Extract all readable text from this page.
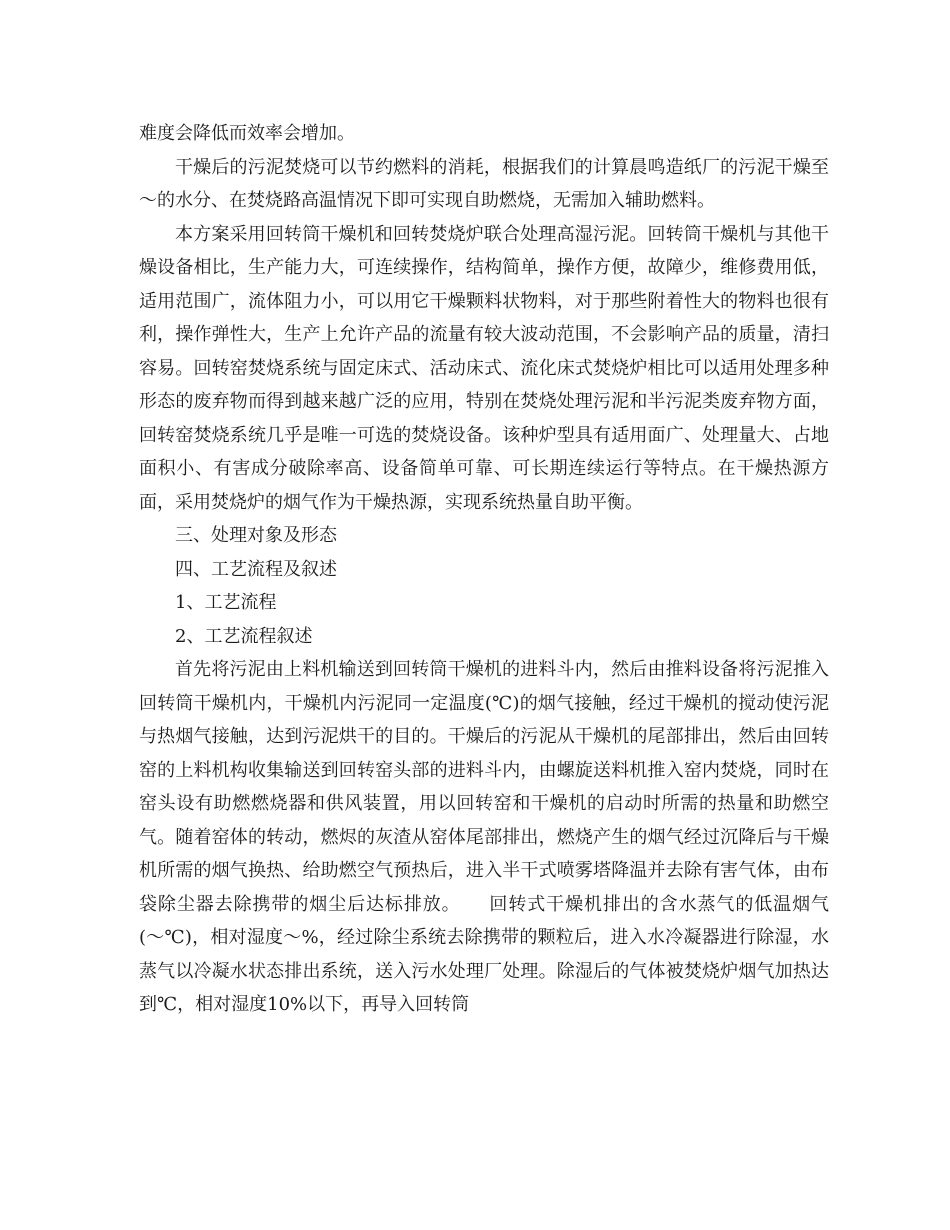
难度会降低而效率会增加。

干燥后的污泥焚烧可以节约燃料的消耗，根据我们的计算晨鸣造纸厂的污泥干燥至～的水分、在焚烧路高温情况下即可实现自助燃烧，无需加入辅助燃料。

本方案采用回转筒干燥机和回转焚烧炉联合处理高湿污泥。回转筒干燥机与其他干燥设备相比，生产能力大，可连续操作，结构简单，操作方便，故障少，维修费用低，适用范围广，流体阻力小，可以用它干燥颗料状物料，对于那些附着性大的物料也很有利，操作弹性大，生产上允许产品的流量有较大波动范围，不会影响产品的质量，清扫容易。回转窑焚烧系统与固定床式、活动床式、流化床式焚烧炉相比可以适用处理多种形态的废弃物而得到越来越广泛的应用，特别在焚烧处理污泥和半污泥类废弃物方面，回转窑焚烧系统几乎是唯一可选的焚烧设备。该种炉型具有适用面广、处理量大、占地面积小、有害成分破除率高、设备简单可靠、可长期连续运行等特点。在干燥热源方面，采用焚烧炉的烟气作为干燥热源，实现系统热量自助平衡。

三、处理对象及形态

四、工艺流程及叙述

1、工艺流程

2、工艺流程叙述

首先将污泥由上料机输送到回转筒干燥机的进料斗内，然后由推料设备将污泥推入回转筒干燥机内，干燥机内污泥同一定温度(℃)的烟气接触，经过干燥机的搅动使污泥与热烟气接触，达到污泥烘干的目的。干燥后的污泥从干燥机的尾部排出，然后由回转窑的上料机构收集输送到回转窑头部的进料斗内，由螺旋送料机推入窑内焚烧，同时在窑头设有助燃燃烧器和供风装置，用以回转窑和干燥机的启动时所需的热量和助燃空气。随着窑体的转动，燃烬的灰渣从窑体尾部排出，燃烧产生的烟气经过沉降后与干燥机所需的烟气换热、给助燃空气预热后，进入半干式喷雾塔降温并去除有害气体，由布袋除尘器去除携带的烟尘后达标排放。　　回转式干燥机排出的含水蒸气的低温烟气(～℃)，相对湿度～%，经过除尘系统去除携带的颗粒后，进入水冷凝器进行除湿，水蒸气以冷凝水状态排出系统，送入污水处理厂处理。除湿后的气体被焚烧炉烟气加热达到℃，相对湿度10%以下，再导入回转筒
